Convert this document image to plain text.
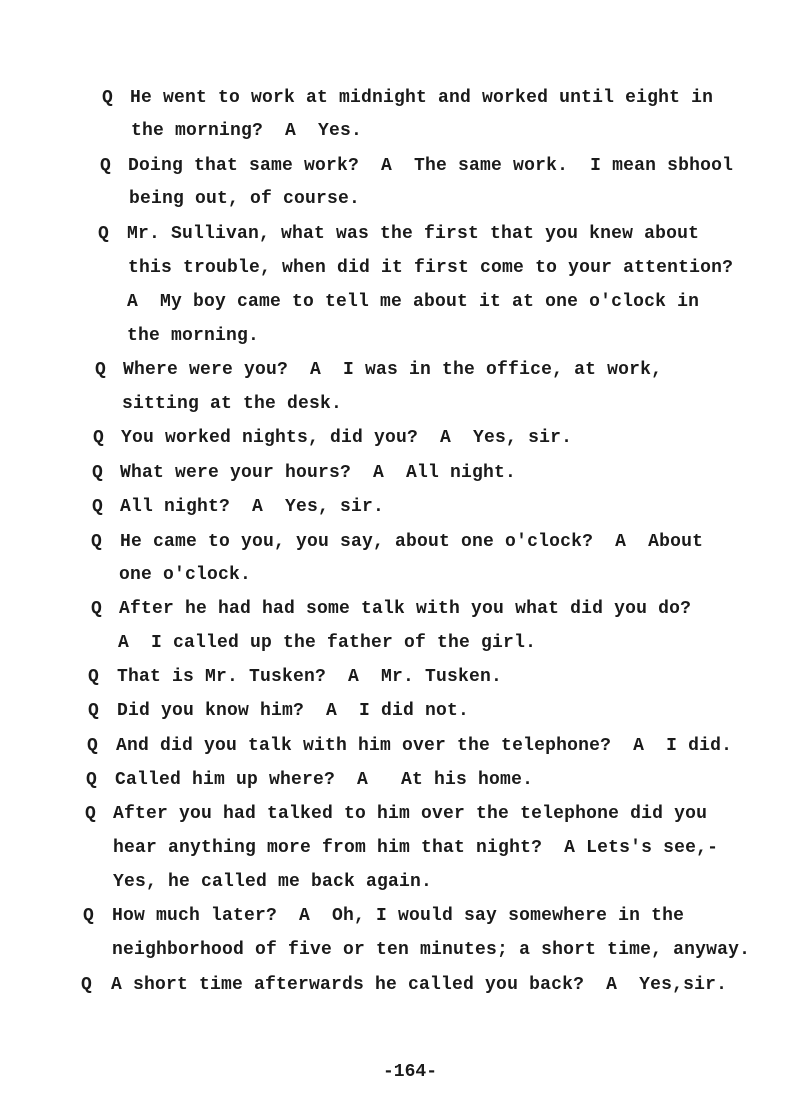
Q He went to work at midnight and worked until eight in
the morning?  A  Yes.
Q Doing that same work?  A  The same work.  I mean sbhool
being out, of course.
Q Mr. Sullivan, what was the first that you knew about
this trouble, when did it first come to your attention?
A  My boy came to tell me about it at one o'clock in
the morning.
Q Where were you?  A  I was in the office, at work,
sitting at the desk.
Q You worked nights, did you?  A  Yes, sir.
Q What were your hours?  A  All night.
Q All night?  A  Yes, sir.
Q He came to you, you say, about one o'clock?  A  About
one o'clock.
Q After he had had some talk with you what did you do?
A  I called up the father of the girl.
Q That is Mr. Tusken?  A  Mr. Tusken.
Q Did you know him?  A  I did not.
Q And did you talk with him over the telephone?  A  I did.
Q Called him up where?  A   At his home.
Q After you had talked to him over the telephone did you
hear anything more from him that night?  A Lets's see,-
Yes, he called me back again.
Q How much later?  A  Oh, I would say somewhere in the
neighborhood of five or ten minutes; a short time, anyway.
Q A short time afterwards he called you back?  A  Yes,sir.
-164-
